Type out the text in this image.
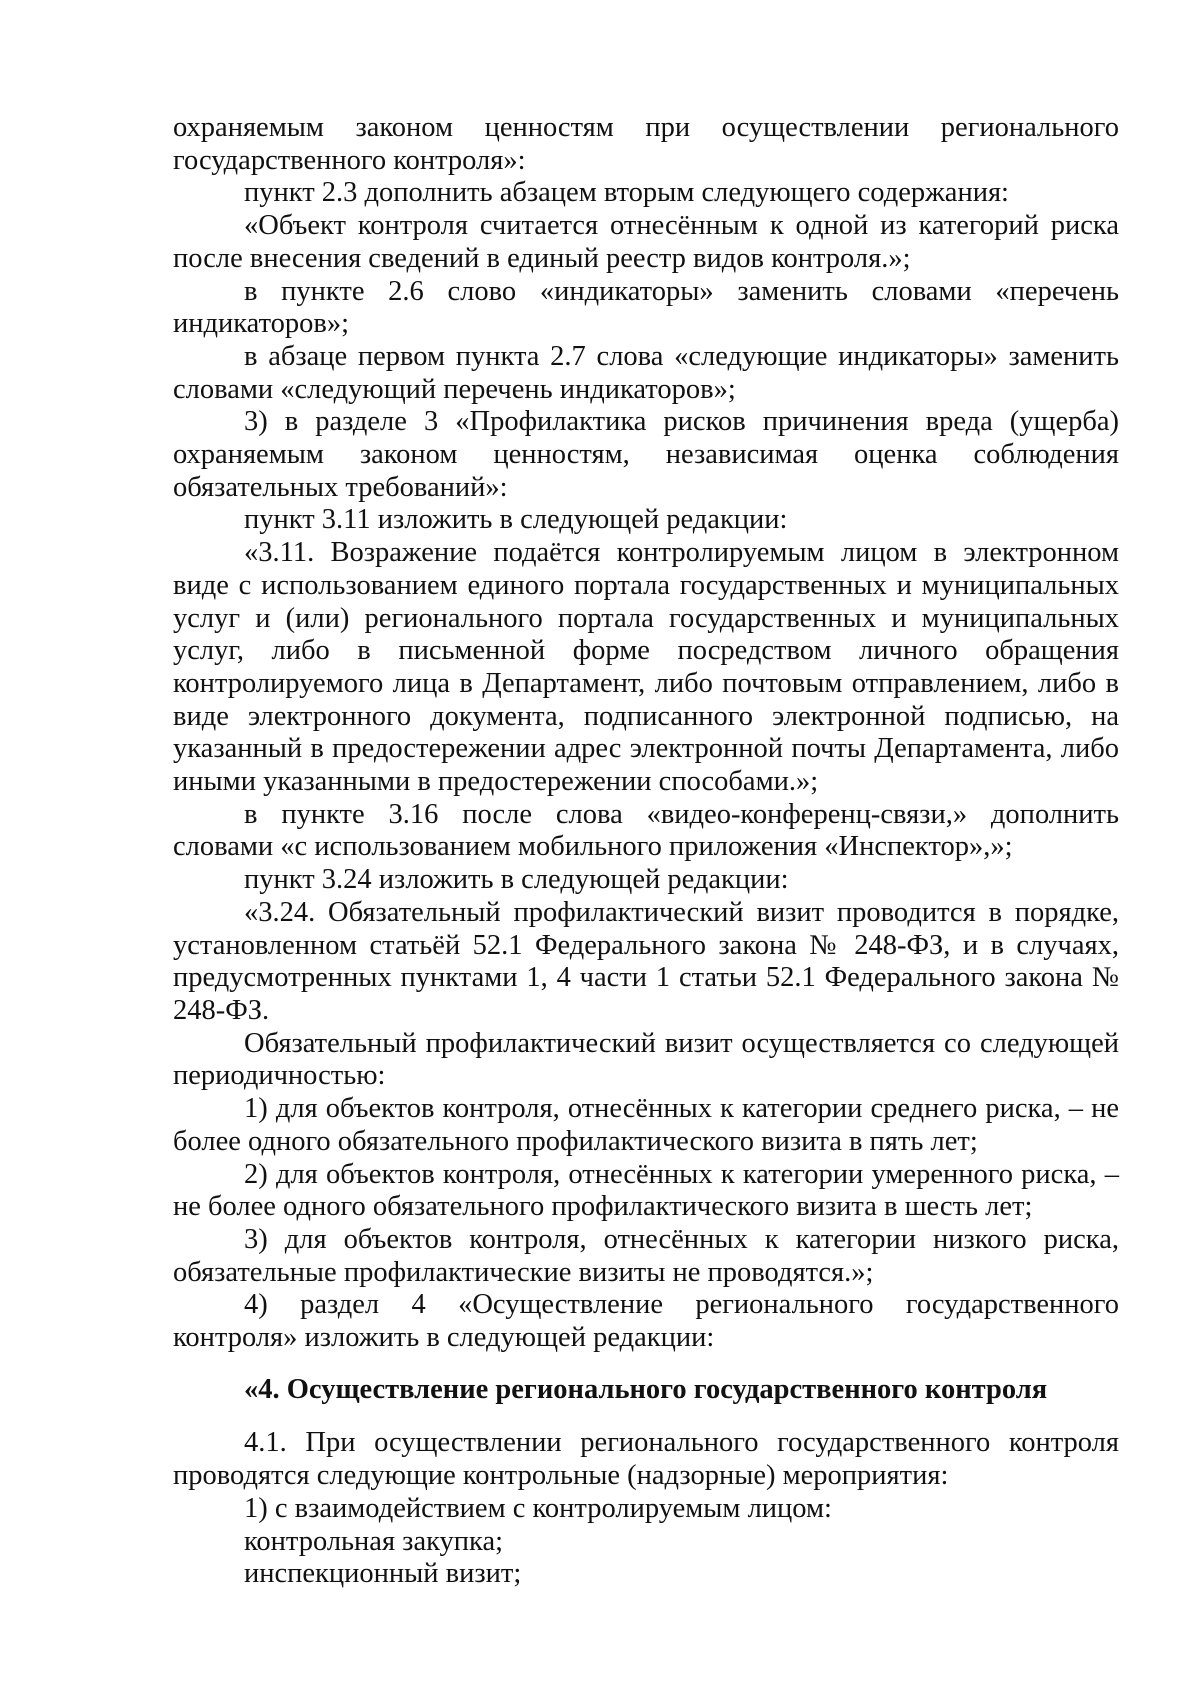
охраняемым законом ценностям при осуществлении регионального государственного контроля»:

пункт 2.3 дополнить абзацем вторым следующего содержания:

«Объект контроля считается отнесённым к одной из категорий риска после внесения сведений в единый реестр видов контроля.»;

в пункте 2.6 слово «индикаторы» заменить словами «перечень индикаторов»;

в абзаце первом пункта 2.7 слова «следующие индикаторы» заменить словами «следующий перечень индикаторов»;

3) в разделе 3 «Профилактика рисков причинения вреда (ущерба) охраняемым законом ценностям, независимая оценка соблюдения обязательных требований»:

пункт 3.11 изложить в следующей редакции:

«3.11. Возражение подаётся контролируемым лицом в электронном виде с использованием единого портала государственных и муниципальных услуг и (или) регионального портала государственных и муниципальных услуг, либо в письменной форме посредством личного обращения контролируемого лица в Департамент, либо почтовым отправлением, либо в виде электронного документа, подписанного электронной подписью, на указанный в предостережении адрес электронной почты Департамента, либо иными указанными в предостережении способами.»;

в пункте 3.16 после слова «видео-конференц-связи,» дополнить словами «с использованием мобильного приложения «Инспектор»,»;

пункт 3.24 изложить в следующей редакции:

«3.24. Обязательный профилактический визит проводится в порядке, установленном статьёй 52.1 Федерального закона № 248-ФЗ, и в случаях, предусмотренных пунктами 1, 4 части 1 статьи 52.1 Федерального закона № 248-ФЗ.

Обязательный профилактический визит осуществляется со следующей периодичностью:

1) для объектов контроля, отнесённых к категории среднего риска, – не более одного обязательного профилактического визита в пять лет;

2) для объектов контроля, отнесённых к категории умеренного риска, – не более одного обязательного профилактического визита в шесть лет;

3) для объектов контроля, отнесённых к категории низкого риска, обязательные профилактические визиты не проводятся.»;

4) раздел 4 «Осуществление регионального государственного контроля» изложить в следующей редакции:

«4. Осуществление регионального государственного контроля

4.1. При осуществлении регионального государственного контроля проводятся следующие контрольные (надзорные) мероприятия:

1) с взаимодействием с контролируемым лицом:

контрольная закупка;

инспекционный визит;
